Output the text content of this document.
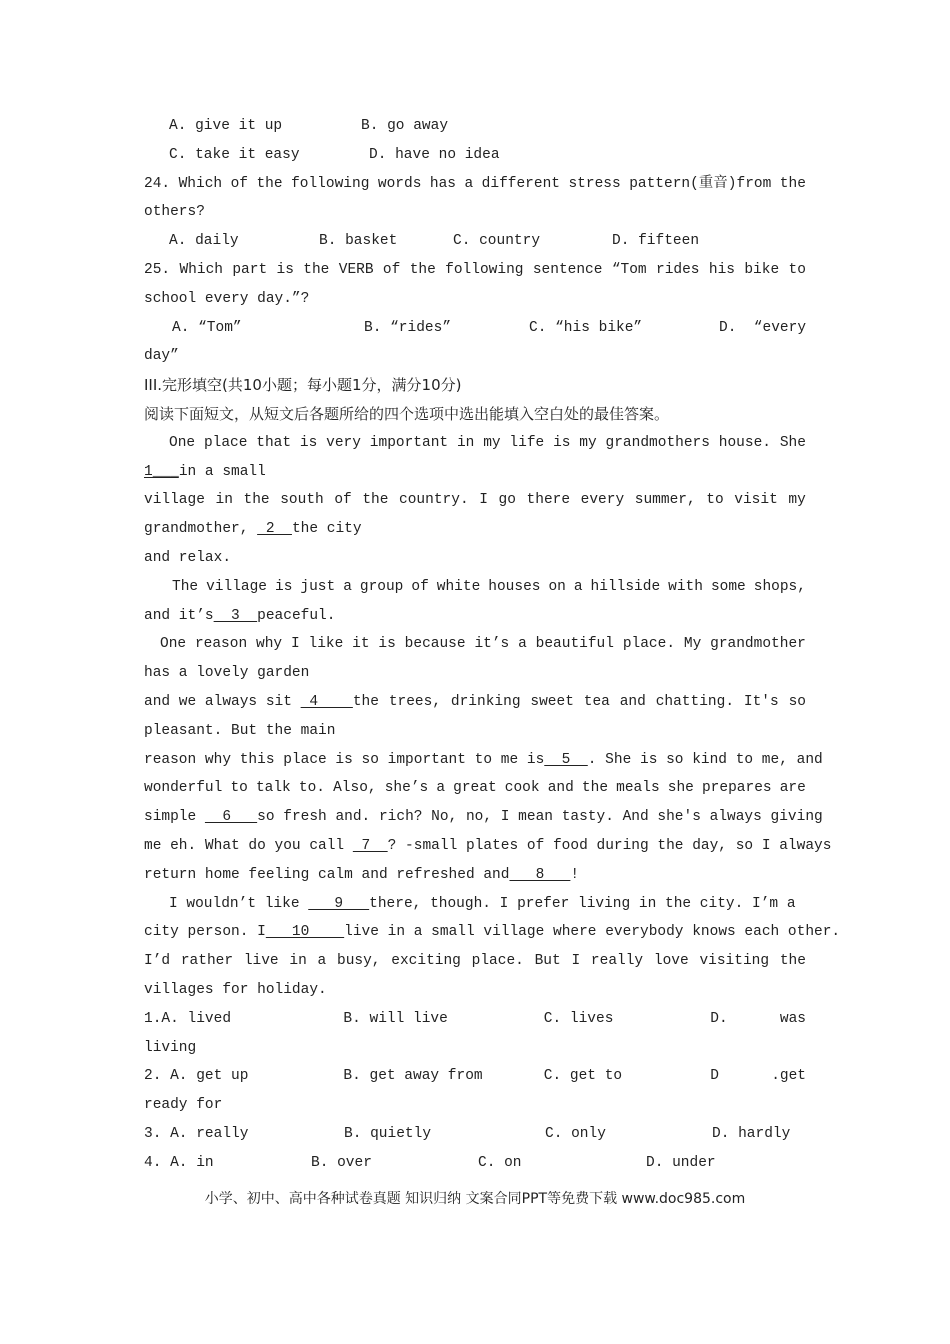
A. give it up	B. go away
C. take it easy	D. have no idea
24. Which of the following words has a different stress pattern(重音)from the
others?
A. daily	B. basket	C. country	D. fifteen
25. Which part is the VERB of the following sentence “Tom rides his bike to
school every day.”?
A. “Tom”	B. “rides”	C. “his bike”	D.  “every
day”
III.完形填空(共10小题；每小题1分，满分10分)
阅读下面短文，从短文后各题所给的四个选项中选出能填入空白处的最佳答案。
One place that is very important in my life is my grandmothers house. She
1___in a small
village in the south of the country. I go there every summer, to visit my
grandmother,  2  the city
and relax.
The village is just a group of white houses on a hillside with some shops,
and it’s  3  peaceful.
One reason why I like it is because it’s a beautiful place. My grandmother
has a lovely garden
and we always sit  4    the trees, drinking sweet tea and chatting. It's so
pleasant. But the main
reason why this place is so important to me is  5  . She is so kind to me, and
wonderful to talk to. Also, she’s a great cook and the meals she prepares are
simple   6   so fresh and. rich? No, no, I mean tasty. And she's always giving
me eh. What do you call  7  ? -small plates of food during the day, so I always
return home feeling calm and refreshed and   8   !
I wouldn’t like    9   there, though. I prefer living in the city. I’m a
city person. I   10    live in a small village where everybody knows each other.
I’d rather live in a busy, exciting place. But I really love visiting the
villages for holiday.
1.A. lived	B. will live	C. lives	D.      was
living
2. A. get up	B. get away from	C. get to	D      .get
ready for
3. A. really	B. quietly	C. only	D. hardly
4. A. in	B. over	C. on	D. under
小学、初中、高中各种试卷真题 知识归纳 文案合同PPT等免费下载 www.doc985.com
